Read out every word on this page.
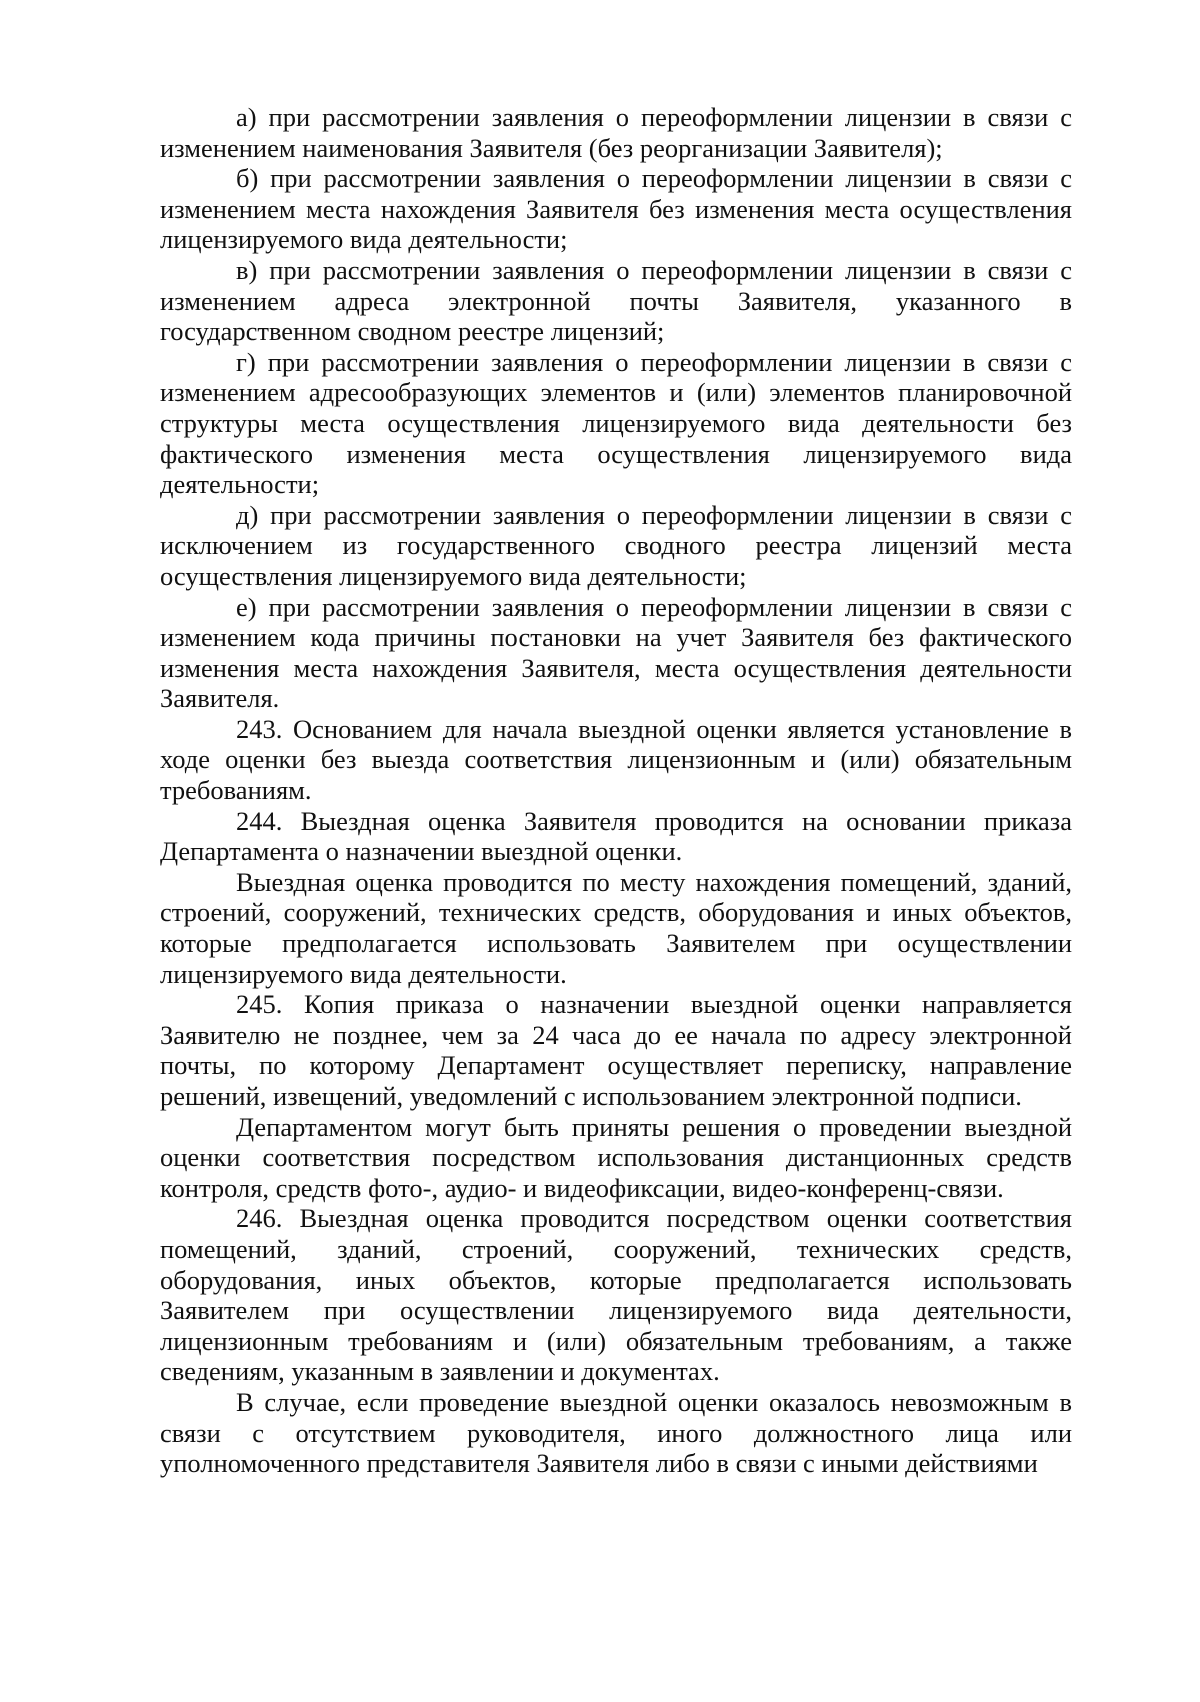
а) при рассмотрении заявления о переоформлении лицензии в связи с изменением наименования Заявителя (без реорганизации Заявителя);

б) при рассмотрении заявления о переоформлении лицензии в связи с изменением места нахождения Заявителя без изменения места осуществления лицензируемого вида деятельности;

в) при рассмотрении заявления о переоформлении лицензии в связи с изменением адреса электронной почты Заявителя, указанного в государственном сводном реестре лицензий;

г) при рассмотрении заявления о переоформлении лицензии в связи с изменением адресообразующих элементов и (или) элементов планировочной структуры места осуществления лицензируемого вида деятельности без фактического изменения места осуществления лицензируемого вида деятельности;

д) при рассмотрении заявления о переоформлении лицензии в связи с исключением из государственного сводного реестра лицензий места осуществления лицензируемого вида деятельности;

е) при рассмотрении заявления о переоформлении лицензии в связи с изменением кода причины постановки на учет Заявителя без фактического изменения места нахождения Заявителя, места осуществления деятельности Заявителя.

243. Основанием для начала выездной оценки является установление в ходе оценки без выезда соответствия лицензионным и (или) обязательным требованиям.

244. Выездная оценка Заявителя проводится на основании приказа Департамента о назначении выездной оценки.

Выездная оценка проводится по месту нахождения помещений, зданий, строений, сооружений, технических средств, оборудования и иных объектов, которые предполагается использовать Заявителем при осуществлении лицензируемого вида деятельности.

245. Копия приказа о назначении выездной оценки направляется Заявителю не позднее, чем за 24 часа до ее начала по адресу электронной почты, по которому Департамент осуществляет переписку, направление решений, извещений, уведомлений с использованием электронной подписи.

Департаментом могут быть приняты решения о проведении выездной оценки соответствия посредством использования дистанционных средств контроля, средств фото-, аудио- и видеофиксации, видео-конференц-связи.

246. Выездная оценка проводится посредством оценки соответствия помещений, зданий, строений, сооружений, технических средств, оборудования, иных объектов, которые предполагается использовать Заявителем при осуществлении лицензируемого вида деятельности, лицензионным требованиям и (или) обязательным требованиям, а также сведениям, указанным в заявлении и документах.

В случае, если проведение выездной оценки оказалось невозможным в связи с отсутствием руководителя, иного должностного лица или уполномоченного представителя Заявителя либо в связи с иными действиями
